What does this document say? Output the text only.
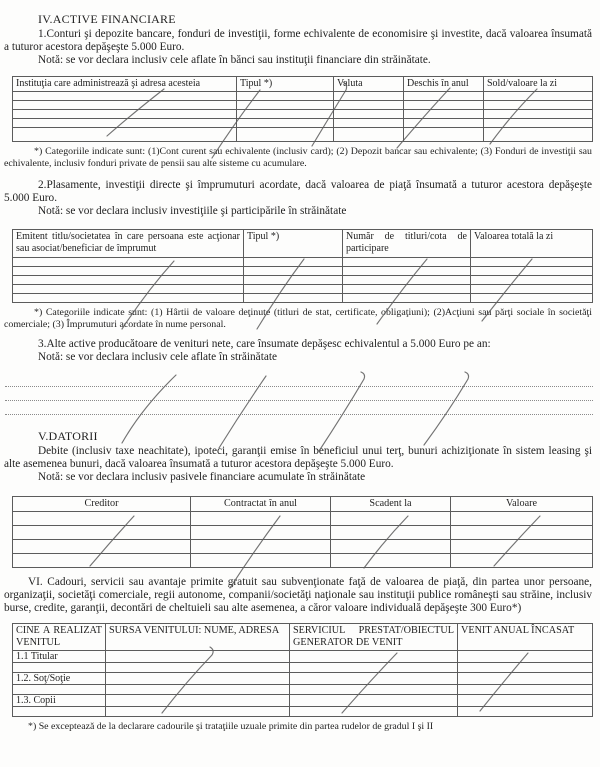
IV.ACTIVE FINANCIARE

1.Conturi şi depozite bancare, fonduri de investiţii, forme echivalente de economisire şi investite, dacă valoarea însumată a tuturor acestora depăşeşte 5.000 Euro.

Notă: se vor declara inclusiv cele aflate în bănci sau instituţii financiare din străinătate.

Instituţia care administrează şi adresa acesteia	Tipul *)	Valuta	Deschis în anul	Sold/valoare la zi

*) Categoriile indicate sunt: (1)Cont curent sau echivalente (inclusiv card); (2) Depozit bancar sau echivalente; (3) Fonduri de investiţii sau echivalente, inclusiv fonduri private de pensii sau alte sisteme cu acumulare.

2.Plasamente, investiţii directe şi împrumuturi acordate, dacă valoarea de piaţă însumată a tuturor acestora depăşeşte 5.000 Euro.

Notă: se vor declara inclusiv investiţiile şi participările în străinătate

Emitent titlu/societatea în care persoana este acţionar sau asociat/beneficiar de împrumut	Tipul *)	Număr de titluri/cota de participare	Valoarea totală la zi

*) Categoriile indicate sunt: (1) Hârtii de valoare deţinute (titluri de stat, certificate, obligaţiuni); (2)Acţiuni sau părţi sociale în societăţi comerciale; (3) Împrumuturi acordate în nume personal.

3.Alte active producătoare de venituri nete, care însumate depăşesc echivalentul a 5.000 Euro pe an:

Notă: se vor declara inclusiv cele aflate în străinătate

V.DATORII

Debite (inclusiv taxe neachitate), ipoteci, garanţii emise în beneficiul unui terţ, bunuri achiziţionate în sistem leasing şi alte asemenea bunuri, dacă valoarea însumată a tuturor acestora depăşeşte 5.000 Euro.

Notă: se vor declara inclusiv pasivele financiare acumulate în străinătate

Creditor	Contractat în anul	Scadent la	Valoare

VI. Cadouri, servicii sau avantaje primite gratuit sau subvenţionate faţă de valoarea de piaţă, din partea unor persoane, organizaţii, societăţi comerciale, regii autonome, companii/societăţi naţionale sau instituţii publice româneşti sau străine, inclusiv burse, credite, garanţii, decontări de cheltuieli sau alte asemenea, a căror valoare individuală depăşeşte 300 Euro*)

CINE A REALIZAT VENITUL	SURSA VENITULUI: NUME, ADRESA	SERVICIUL PRESTAT/OBIECTUL GENERATOR DE VENIT	VENIT ANUAL ÎNCASAT
1.1 Titular			

1.2. Soţ/Soţie			

1.3. Copii			

*) Se exceptează de la declarare cadourile şi trataţiile uzuale primite din partea rudelor de gradul I şi II
